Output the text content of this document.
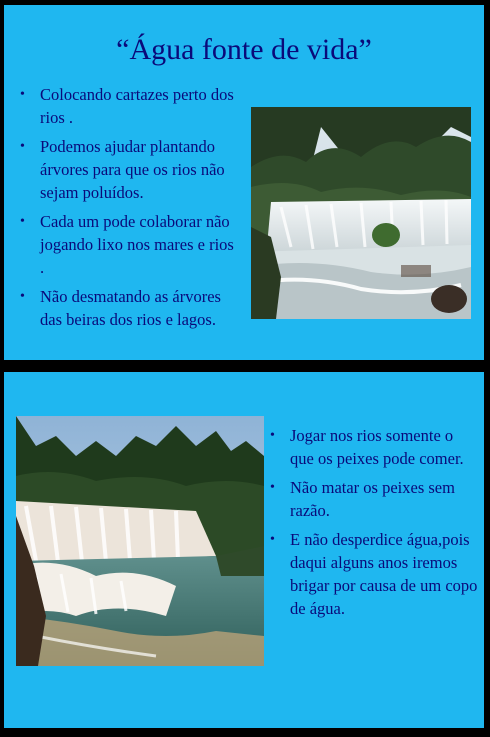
“Água fonte de vida”
• Colocando cartazes perto dos rios .
• Podemos ajudar plantando árvores para que os rios não sejam poluídos.
• Cada um pode colaborar não jogando lixo nos mares e rios .
• Não desmatando as árvores das beiras dos rios e lagos.
• Jogar nos rios somente o que os peixes pode comer.
• Não matar os peixes sem razão.
• E não desperdice água,pois daqui alguns anos iremos brigar por causa de um copo de água.
